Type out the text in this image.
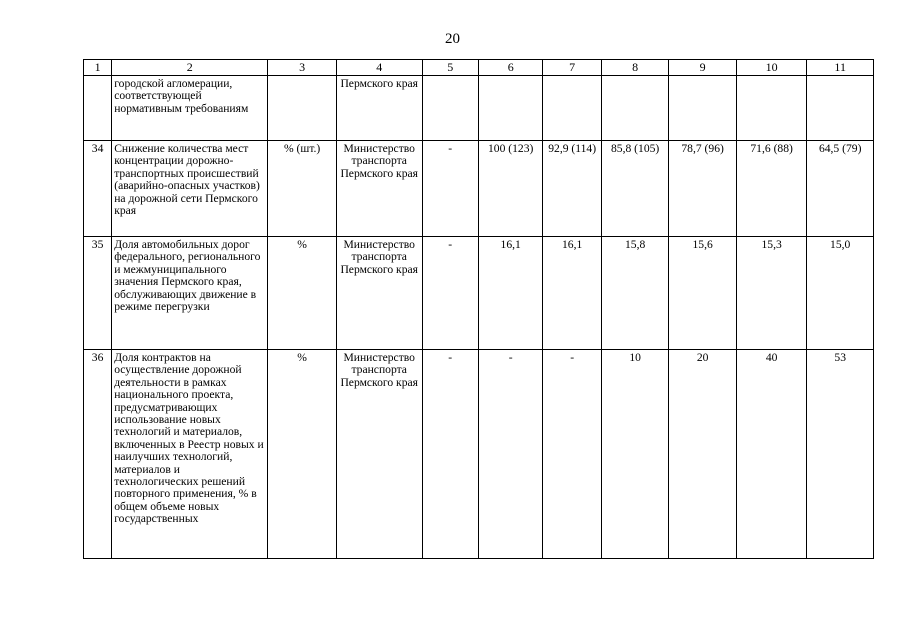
20
1	2	3	4	5	6	7	8	9	10	11
	городской агломерации, соответствующей нормативным требованиям		Пермского края							
34	Снижение количества мест концентрации дорожно-транспортных происшествий (аварийно-опасных участков) на дорожной сети Пермского края	% (шт.)	Министерство транспорта Пермского края	-	100 (123)	92,9 (114)	85,8 (105)	78,7 (96)	71,6 (88)	64,5 (79)
35	Доля автомобильных дорог федерального, регионального и межмуниципального значения Пермского края, обслуживающих движение в режиме перегрузки	%	Министерство транспорта Пермского края	-	16,1	16,1	15,8	15,6	15,3	15,0
36	Доля контрактов на осуществление дорожной деятельности в рамках национального проекта, предусматривающих использование новых технологий и материалов, включенных в Реестр новых и наилучших технологий, материалов и технологических решений повторного применения, % в общем объеме новых государственных	%	Министерство транспорта Пермского края	-	-	-	10	20	40	53
